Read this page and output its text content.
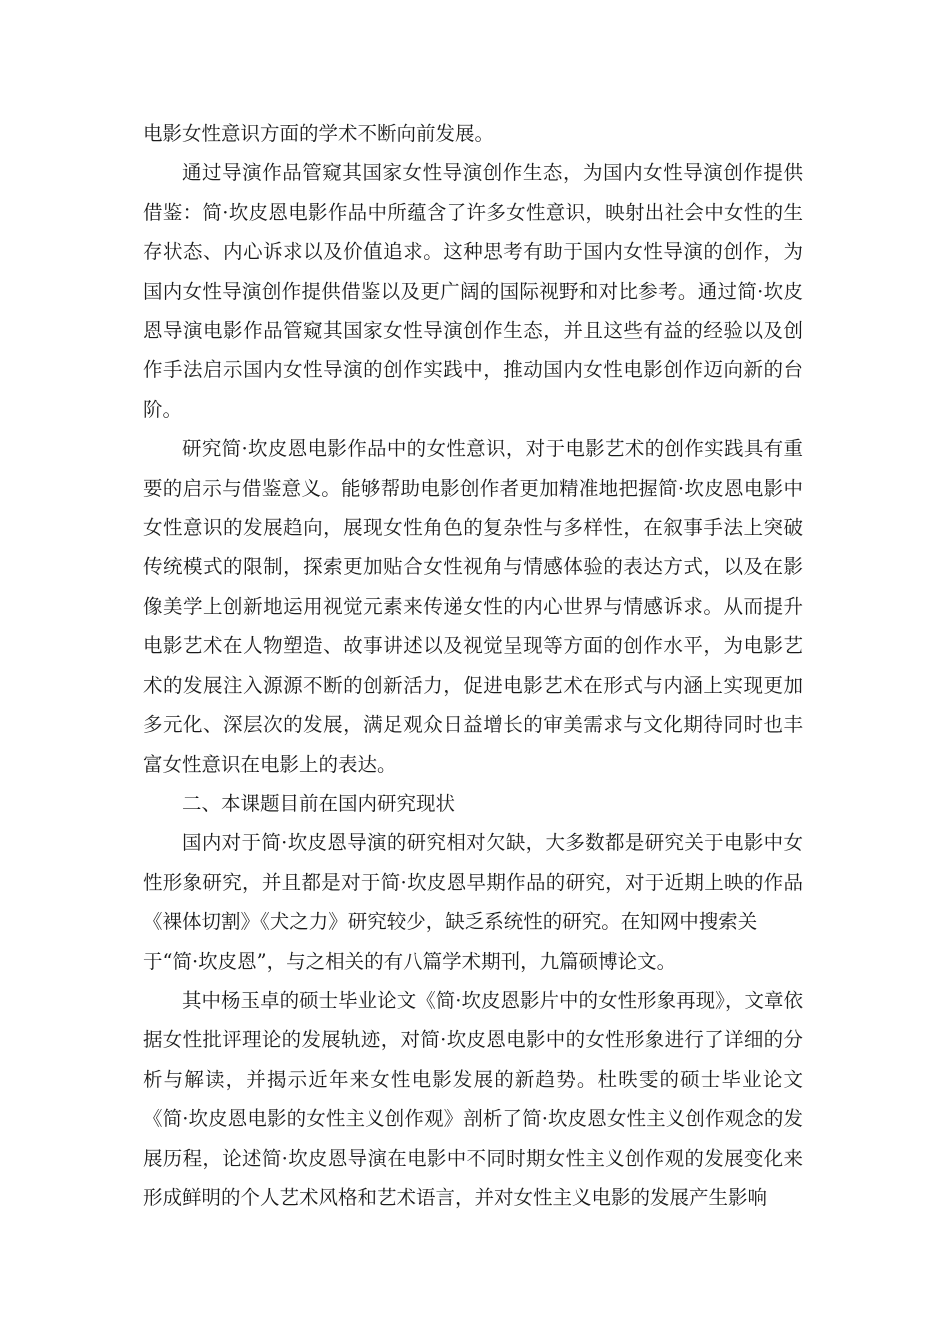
电影女性意识方面的学术不断向前发展。

通过导演作品管窥其国家女性导演创作生态，为国内女性导演创作提供借鉴：简·坎皮恩电影作品中所蕴含了许多女性意识，映射出社会中女性的生存状态、内心诉求以及价值追求。这种思考有助于国内女性导演的创作，为国内女性导演创作提供借鉴以及更广阔的国际视野和对比参考。通过简·坎皮恩导演电影作品管窥其国家女性导演创作生态，并且这些有益的经验以及创作手法启示国内女性导演的创作实践中，推动国内女性电影创作迈向新的台阶。

研究简·坎皮恩电影作品中的女性意识，对于电影艺术的创作实践具有重要的启示与借鉴意义。能够帮助电影创作者更加精准地把握简·坎皮恩电影中女性意识的发展趋向，展现女性角色的复杂性与多样性，在叙事手法上突破传统模式的限制，探索更加贴合女性视角与情感体验的表达方式，以及在影像美学上创新地运用视觉元素来传递女性的内心世界与情感诉求。从而提升电影艺术在人物塑造、故事讲述以及视觉呈现等方面的创作水平，为电影艺术的发展注入源源不断的创新活力，促进电影艺术在形式与内涵上实现更加多元化、深层次的发展，满足观众日益增长的审美需求与文化期待同时也丰富女性意识在电影上的表达。

二、本课题目前在国内研究现状

国内对于简·坎皮恩导演的研究相对欠缺，大多数都是研究关于电影中女性形象研究，并且都是对于简·坎皮恩早期作品的研究，对于近期上映的作品《裸体切割》《犬之力》研究较少，缺乏系统性的研究。在知网中搜索关

于“简·坎皮恩”，与之相关的有八篇学术期刊，九篇硕博论文。

其中杨玉卓的硕士毕业论文《简·坎皮恩影片中的女性形象再现》，文章依据女性批评理论的发展轨迹，对简·坎皮恩电影中的女性形象进行了详细的分析与解读，并揭示近年来女性电影发展的新趋势。杜昳雯的硕士毕业论文《简·坎皮恩电影的女性主义创作观》剖析了简·坎皮恩女性主义创作观念的发展历程，论述简·坎皮恩导演在电影中不同时期女性主义创作观的发展变化来形成鲜明的个人艺术风格和艺术语言，并对女性主义电影的发展产生影响
